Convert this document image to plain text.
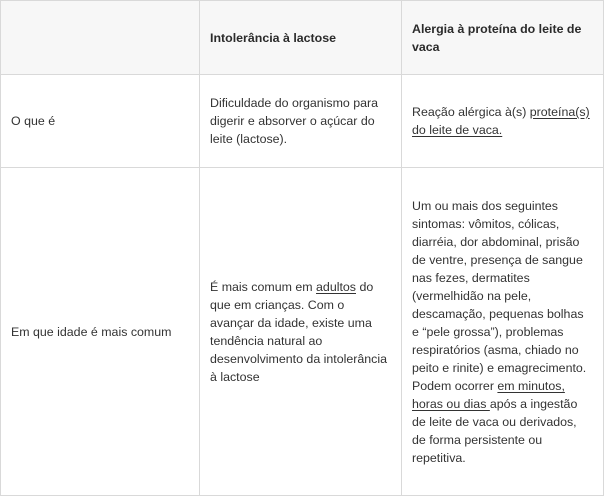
	Intolerância à lactose	Alergia à proteína do leite de vaca
O que é	Dificuldade do organismo para digerir e absorver o açúcar do leite (lactose).	Reação alérgica à(s) proteína(s) do leite de vaca.
Em que idade é mais comum	É mais comum em adultos do que em crianças. Com o avançar da idade, existe uma tendência natural ao desenvolvimento da intolerância à lactose	Um ou mais dos seguintes sintomas: vômitos, cólicas, diarréia, dor abdominal, prisão de ventre, presença de sangue nas fezes, dermatites (vermelhidão na pele, descamação, pequenas bolhas e “pele grossa”), problemas respiratórios (asma, chiado no peito e rinite) e emagrecimento. Podem ocorrer em minutos, horas ou dias após a ingestão de leite de vaca ou derivados, de forma persistente ou repetitiva.
